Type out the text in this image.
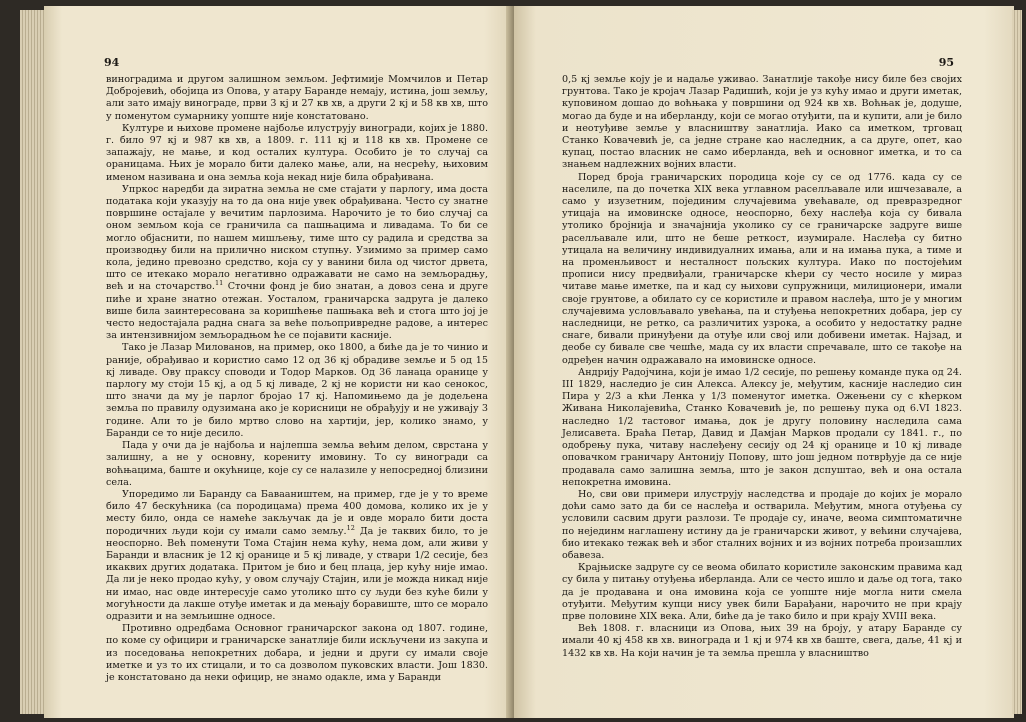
94

виноградима и другом залишном земљом. Јефтимије Момчилов и Петар Добројевић, обојица из Опова, у атару Баранде немају, истина, још земљу, али зато имају винограде, први 3 кј и 27 кв хв, а други 2 кј и 58 кв хв, што у поменутом сумарнику уопште није констатовано.

Културе и њихове промене најбоље илуструју виногради, којих је 1880. г. било 97 кј и 987 кв хв, а 1809. г. 111 кј и 118 кв хв. Промене се запажају, не мање, и код осталих култура. Особито је то случај са ораницама. Њих је морало бити далеко мање, али, на несрећу, њиховим именом називана и она земља која некад није била обрађивана.

Упркос наредби да зиратна земља не сме стајати у парлогу, има доста података који указују на то да она није увек обрађивана. Често су знатне површине остајале у вечитим парлозима. Нарочито је то био случај са оном земљом која се граничила са пашњацима и ливадама. То би се могло објаснити, по нашем мишљењу, тиме што су радила и средства за производњу били на прилично ниском ступњу. Узимимо за пример само кола, једино превозно средство, која су у ванини била од чистог дрвета, што се итекако морало негативно одражавати не само на земљорадњу, већ и на сточарство.$^{11}$ Сточни фонд је био знатан, а довоз сена и друге пиће и хране знатно отежан. Уосталом, граничарска задруга је далеко више била заинтересована за коришћење пашњака већ и стога што јој је често недостајала радна снага за веће пољопривредне радове, а интерес за интензивнијом земљорадњом ће се појавити касније.

Тако је Лазар Милованов, на пример, око 1800, а биће да је то чинио и раније, обрађивао и користио само 12 од 36 кј обрадиве земље и 5 од 15 кј ливаде. Ову праксу споводи и Тодор Марков. Од 36 ланаца оранице у парлогу му стоји 15 кј, а од 5 кј ливаде, 2 кј не користи ни као сенокос, што значи да му је парлог бројао 17 кј. Напомињемо да је додељена земља по правилу одузимана ако је корисници не обрађују и не уживају 3 године. Али то је било мртво слово на хартији, јер, колико знамо, у Баранди се то није десило.

Пада у очи да је најбоља и најлепша земља већим делом, сврстана у залишну, а не у основну, корениту имовину. То су виногради са воћњацима, баште и окућнице, које су се налазиле у непосредној близини села.

Упоредимо ли Баранду са Бавааништем, на пример, где је у то време било 47 бескућника (са породицама) према 400 домова, колико их је у месту било, онда се намеће закључак да је и овде морало бити доста породичних људи који су имали само земљу.$^{12}$ Да је таквих било, то је неоспорно. Већ поменути Тома Стајин нема кућу, нема дом, али живи у Баранди и власник је 12 кј оранице и 5 кј ливаде, у ствари 1/2 сесије, без икаквих других додатака. Притом је био и бец плаца, јер кућу није имао. Да ли је неко продао кућу, у овом случају Стајин, или је можда никад није ни имао, нас овде интересује само утолико што су људи без куће били у могућности да лакше отуђе иметак и да мењају боравиште, што се морало одразити и на земљишне односе.

Противно одредбама Основног граничарског закона од 1807. године, по коме су официри и граничарске занатлије били искључени из закупа и из поседовања непокретних добара, и једни и други су имали своје иметке и уз то их стицали, и то са дозволом пуковских власти. Још 1830. је констатовано да неки официр, не знамо одакле, има у Баранди

95

0,5 кј земље коју је и надаље уживао. Занатлије такође нису биле без својих грунтова. Тако је кројач Лазар Радишић, који је уз кућу имао и други иметак, куповином дошао до воћњака у површини од 924 кв хв. Воћњак је, додуше, могао да буде и на иберланду, који се могао отуђити, па и купити, али је било и неотуђиве земље у власништву занатлија. Иако са иметком, трговац Станко Ковачевић је, са једне стране као наследник, а са друге, опет, као купац, постао власник не само иберланда, већ и основног иметка, и то са знањем надлежних војних власти.

Поред броја граничарских породица које су се од 1776. када су се населиле, па до почетка XIX века углавном раселљавале или ишчезавале, а само у изузетним, појединим случајевима увећавале, од превразредног утицаја на имовинске односе, неоспорно, беху наслеђа која су бивала утолико бројнија и значајнија уколико су се граничарске задруге више раселљавале или, што не беше реткост, изумирале. Наслеђа су битно утицала на величину индивидуалних имања, али и на имања пука, а тиме и на променљивост и несталност пољских култура. Иако по постојећим прописи нису предвиђали, граничарске кћери су често носиле у мираз читаве мање иметке, па и кад су њихови супружници, милиционери, имали своје грунтове, а обилато су се користиле и правом наслеђа, што је у многим случајевима условљавало увећања, па и стуђења непокретних добара, јер су наследници, не ретко, са различитих узрока, а особито у недостатку радне снаге, бивали принуђени да отуђе или свој или добивени иметак. Најзад, и деобе су бивале све чешће, мада су их власти спречавале, што се такође на одређен начин одражавало на имовинске односе.

Андрију Радојчина, који је имао 1/2 сесије, по решењу команде пука од 24. III 1829, наследио је син Алекса. Алексу је, међутим, касније наследио син Пира у 2/3 а кћи Ленка у 1/3 поменутог иметка. Ожењени су с кћерком Живана Николајевића, Станко Ковачевић је, по решењу пука од 6.VI 1823. наследно 1/2 тастовог имања, док је другу половину наследила сама Јелисавета. Браћа Петар, Давид и Дамјан Марков продали су 1841. г., по одобрењу пука, читаву наслеђену сесију од 24 кј оранице и 10 кј ливаде оповачком граничару Антонију Попову, што још једном потврђује да се није продавала само залишна земља, што је закон дспуштао, већ и она остала непокретна имовина.

Но, сви ови примери илуструју наследства и продаје до којих је морало доћи само зато да би се наслеђа и остварила. Међутим, многа отуђења су условили сасвим други разлози. Те продаје су, иначе, веома симптоматичне по нејединм наглашену истину да је граничарски живот, у већини случајева, био итекако тежак већ и због сталних војних и из војних потреба произашлих обавеза.

Крајњиске задруге су се веома обилато користиле законским правима кад су била у питању отуђења иберланда. Али се често ишло и даље од тога, тако да је продавана и она имовина која се уопште није могла нити смела отуђити. Међутим купци нису увек били Барађани, нарочито не при крају прве половине XIX века. Али, биће да је тако било и при крају XVIII века.

Већ 1808. г. власници из Опова, њих 39 на броју, у атару Баранде су имали 40 кј 458 кв хв. винограда и 1 кј и 974 кв хв баште, свега, даље, 41 кј и 1432 кв хв. На који начин је та земља прешла у власништво
